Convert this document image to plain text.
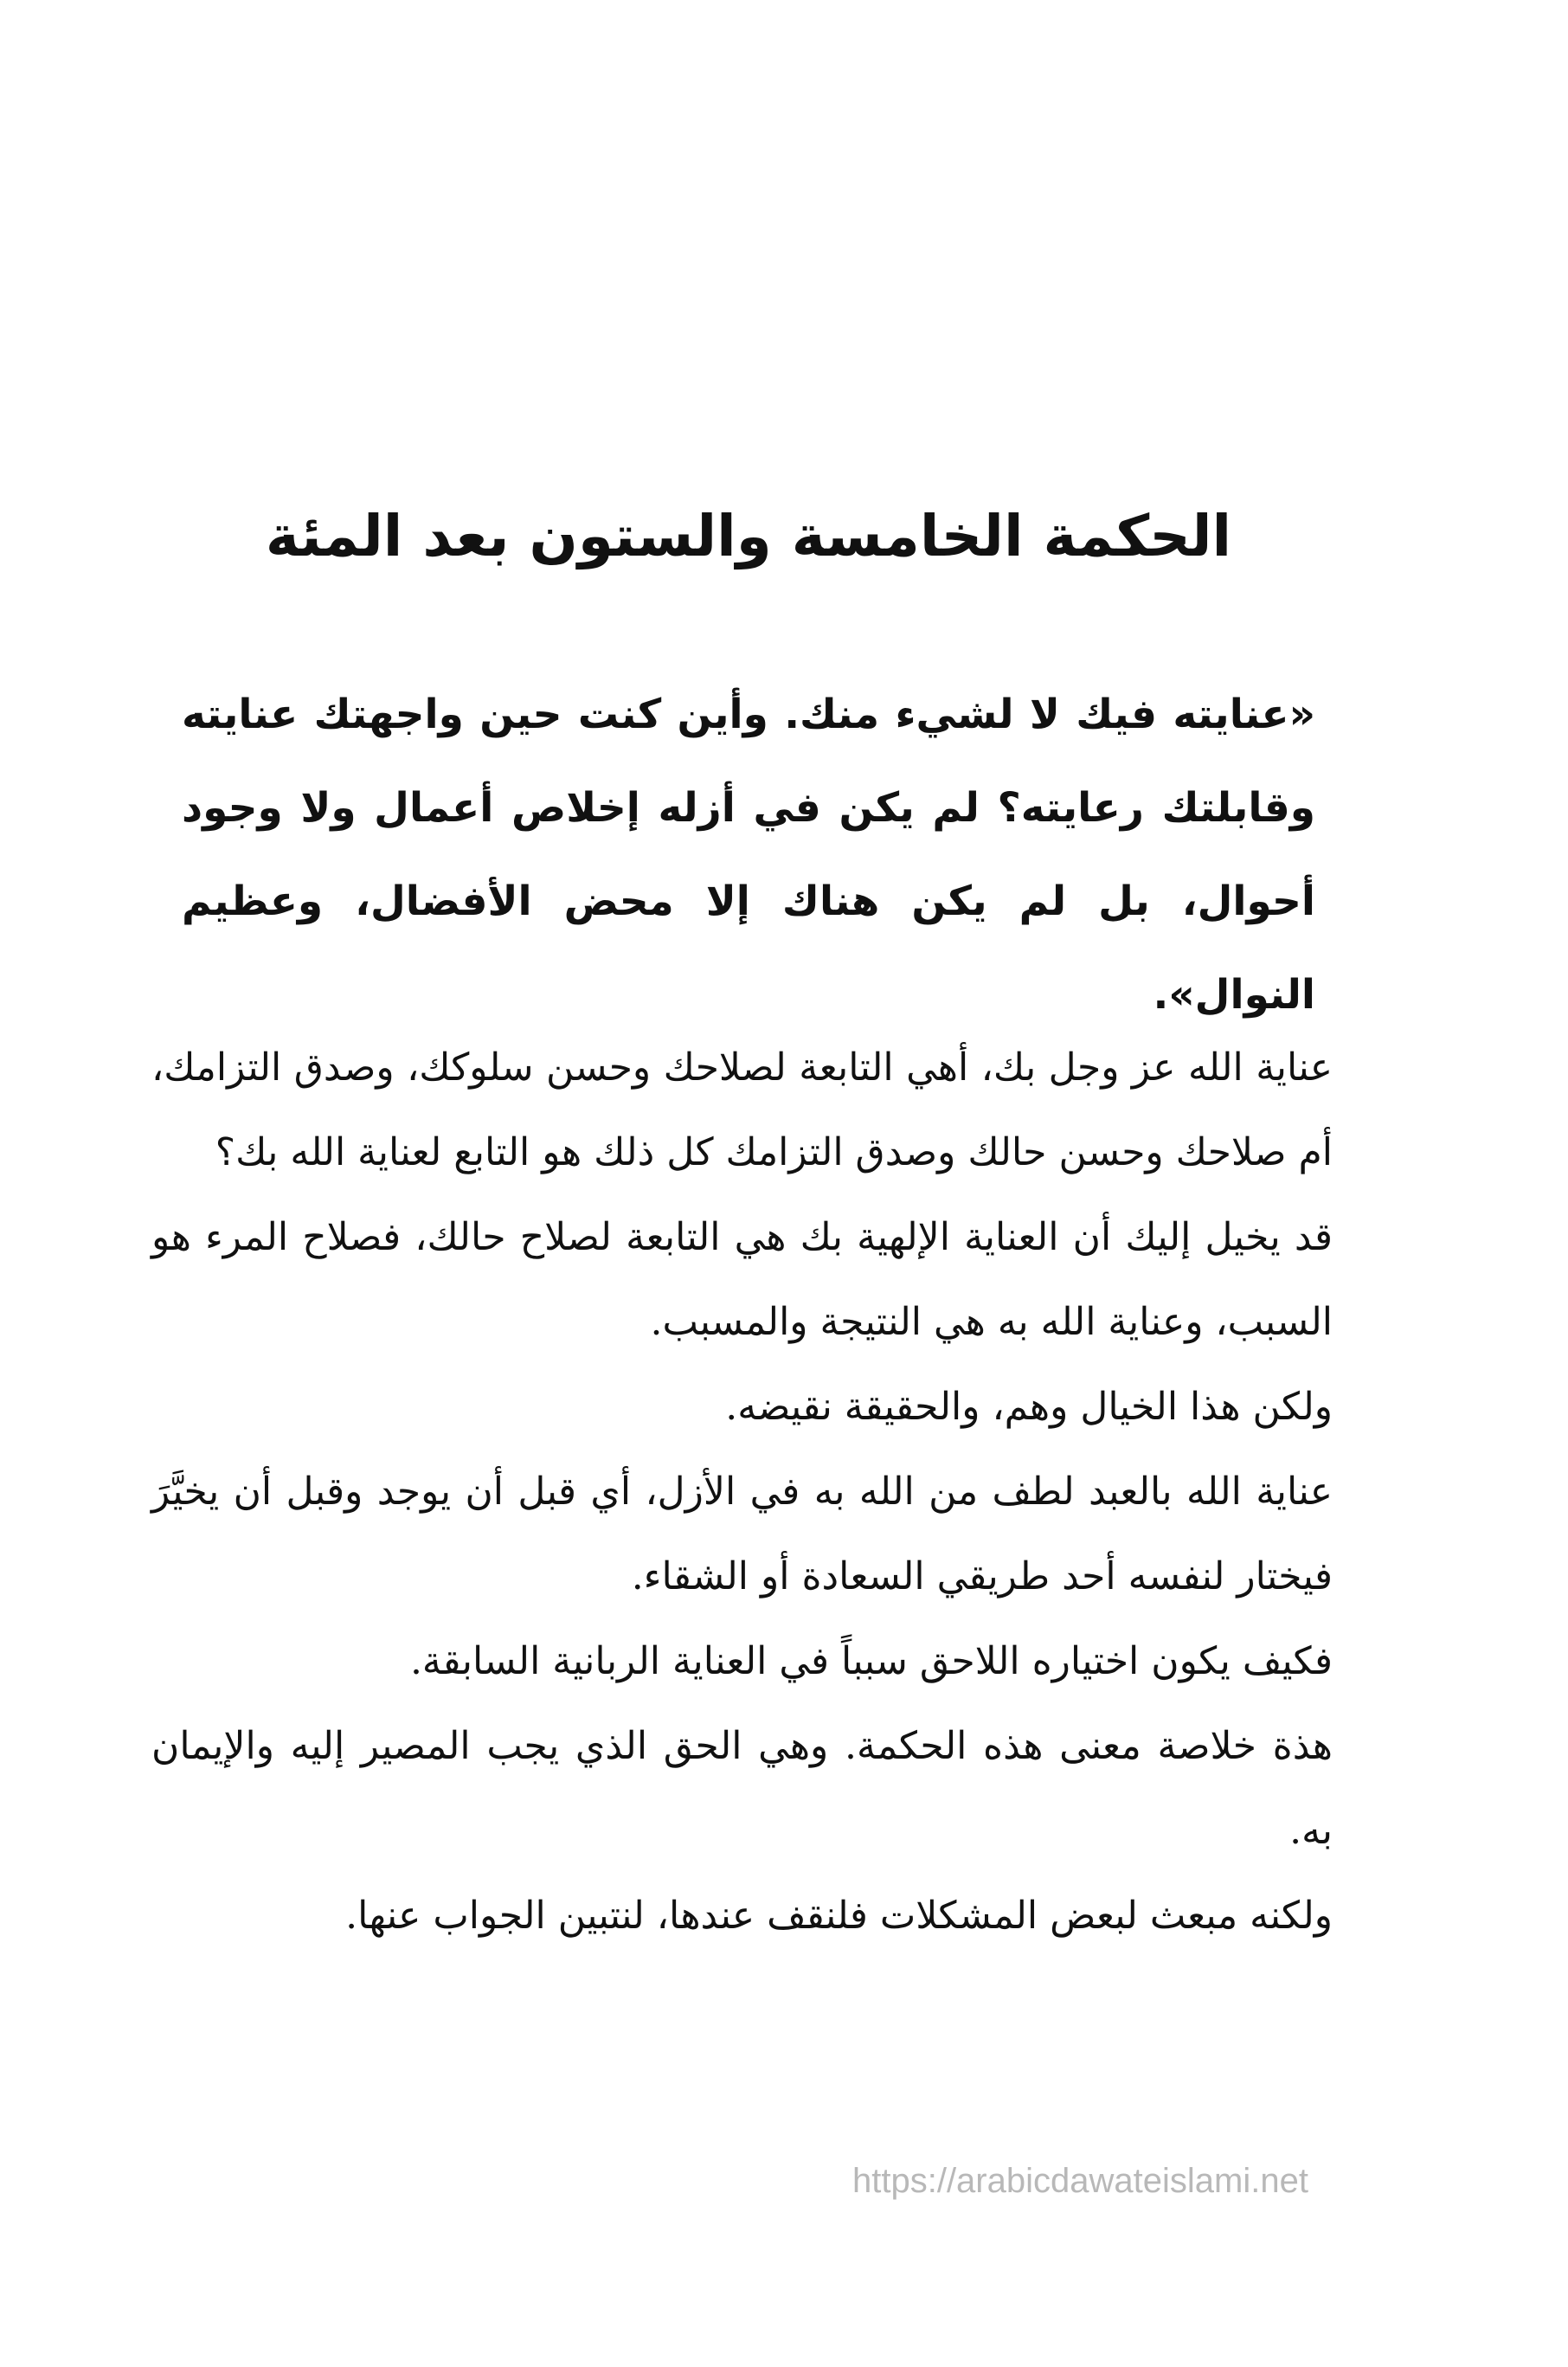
الحكمة الخامسة والستون بعد المئة

«عنايته فيك لا لشيء منك. وأين كنت حين واجهتك عنايته وقابلتك رعايته؟ لم يكن في أزله إخلاص أعمال ولا وجود أحوال، بل لم يكن هناك إلا محض الأفضال، وعظيم النوال».

عناية الله عز وجل بك، أهي التابعة لصلاحك وحسن سلوكك، وصدق التزامك، أم صلاحك وحسن حالك وصدق التزامك كل ذلك هو التابع لعناية الله بك؟

قد يخيل إليك أن العناية الإلهية بك هي التابعة لصلاح حالك، فصلاح المرء هو السبب، وعناية الله به هي النتيجة والمسبب.

ولكن هذا الخيال وهم، والحقيقة نقيضه.

عناية الله بالعبد لطف من الله به في الأزل، أي قبل أن يوجد وقبل أن يخيَّرَ فيختار لنفسه أحد طريقي السعادة أو الشقاء.

فكيف يكون اختياره اللاحق سبباً في العناية الربانية السابقة.

هذة خلاصة معنى هذه الحكمة. وهي الحق الذي يجب المصير إليه والإيمان به.

ولكنه مبعث لبعض المشكلات فلنقف عندها، لنتبين الجواب عنها.

https://arabicdawateislami.net
